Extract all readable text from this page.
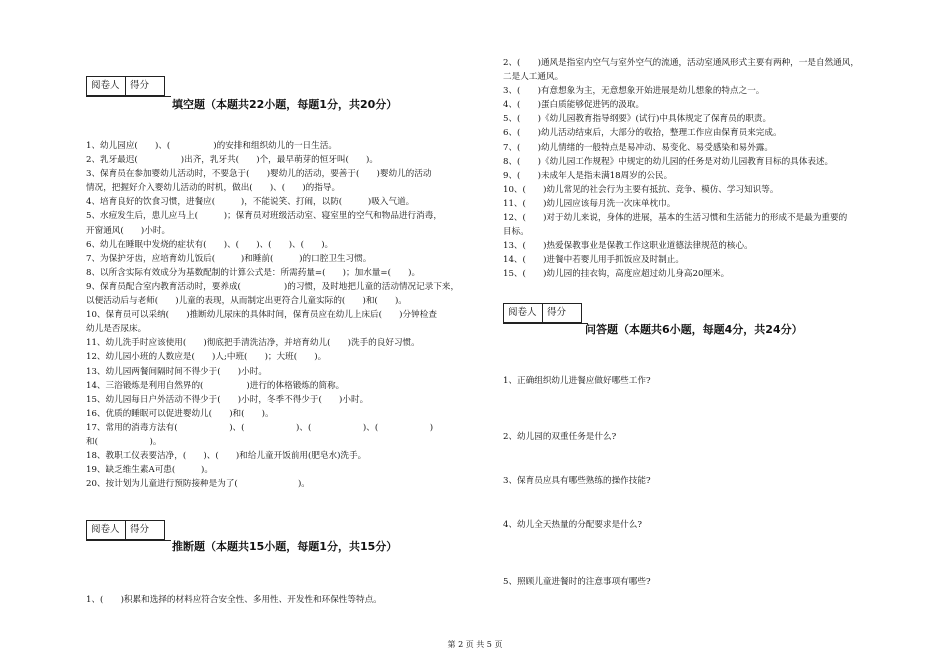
阅卷人	得分
填空题（本题共22小题，每题1分，共20分）
1、幼儿园应(　　)、(　　　　　)的安排和组织幼儿的一日生活。
2、乳牙最迟(　　　　　)出齐，乳牙共(　　)个，最早萌芽的恒牙叫(　　)。
3、保育员在参加婴幼儿活动时，不要急于(　　)婴幼儿的活动，要善于(　　)婴幼儿的活动
情况，把握好介入婴幼儿活动的时机，做出(　　)、(　　)的指导。
4、培育良好的饮食习惯，进餐应(　　　)，不能说笑、打闹，以防(　　　)吸入气道。
5、水痘发生后，患儿应马上(　　　)；保育员对班级活动室、寝室里的空气和物品进行消毒，
开窗通风(　　)小时。
6、幼儿在睡眠中发烧的症状有(　　)、(　　)、(　　)、(　　)。
7、为保护牙齿，应培育幼儿饭后(　　　)和睡前(　　　)的口腔卫生习惯。
8、以所含实际有效成分为基数配制的计算公式是：所需药量=(　　)；加水量=(　　)。
9、保育员配合室内教育活动时，要养成(　　　　　)的习惯，及时地把儿童的活动情况记录下来，
以便活动后与老师(　　)儿童的表现，从而制定出更符合儿童实际的(　　)和(　　)。
10、保育员可以采纳(　　)推断幼儿尿床的具体时间，保育员应在幼儿上床后(　　)分钟检查
幼儿是否尿床。
11、幼儿洗手时应该使用(　　)彻底把手清洗洁净，并培育幼儿(　　)洗手的良好习惯。
12、幼儿园小班的人数应是(　　)人;中班(　　)；大班(　　)。
13、幼儿园两餐间隔时间不得少于(　　)小时。
14、三浴锻炼是利用自然界的(　　　　　)进行的体格锻炼的简称。
15、幼儿园每日户外活动不得少于(　　)小时，冬季不得少于(　　)小时。
16、优质的睡眠可以促进婴幼儿(　　)和(　　)。
17、常用的消毒方法有(　　　　　　)、(　　　　　　)、(　　　　　　)、(　　　　　　)
和(　　　　　　)。
18、教职工仪表要洁净，(　　)、(　　)和给儿童开饭前用(肥皂水)洗手。
19、缺乏维生素A可患(　　　)。
20、按计划为儿童进行预防接种是为了(　　　　　　　)。
阅卷人	得分
推断题（本题共15小题，每题1分，共15分）
1、(　　)积累和选择的材料应符合安全性、多用性、开发性和环保性等特点。
2、(　　)通风是指室内空气与室外空气的流通，活动室通风形式主要有两种，一是自然通风，
二是人工通风。
3、(　　)有意想象为主，无意想象开始进展是幼儿想象的特点之一。
4、(　　)蛋白质能够促进钙的汲取。
5、(　　)《幼儿园教育指导纲要》(试行)中具体规定了保育员的职责。
6、(　　)幼儿活动结束后，大部分的收拾，整理工作应由保育员来完成。
7、(　　)幼儿情绪的一般特点是易冲动、易变化、易受感染和易外露。
8、(　　)《幼儿园工作规程》中规定的幼儿园的任务是对幼儿园教育目标的具体表述。
9、(　　)未成年人是指未满18周岁的公民。
10、(　　)幼儿常见的社会行为主要有抵抗、竞争、模仿、学习知识等。
11、(　　)幼儿园应该每月洗一次床单枕巾。
12、(　　)对于幼儿来说，身体的进展，基本的生活习惯和生活能力的形成不是最为重要的
目标。
13、(　　)热爱保教事业是保教工作这职业道德法律规范的核心。
14、(　　)进餐中若婴儿用手抓饭应及时制止。
15、(　　)幼儿园的挂衣钩，高度应超过幼儿身高20厘米。
阅卷人	得分
问答题（本题共6小题，每题4分，共24分）
1、正确组织幼儿进餐应做好哪些工作?
2、幼儿园的双重任务是什么?
3、保育员应具有哪些熟练的操作技能?
4、幼儿全天热量的分配要求是什么?
5、照顾儿童进餐时的注意事项有哪些?
第 2 页 共 5 页
